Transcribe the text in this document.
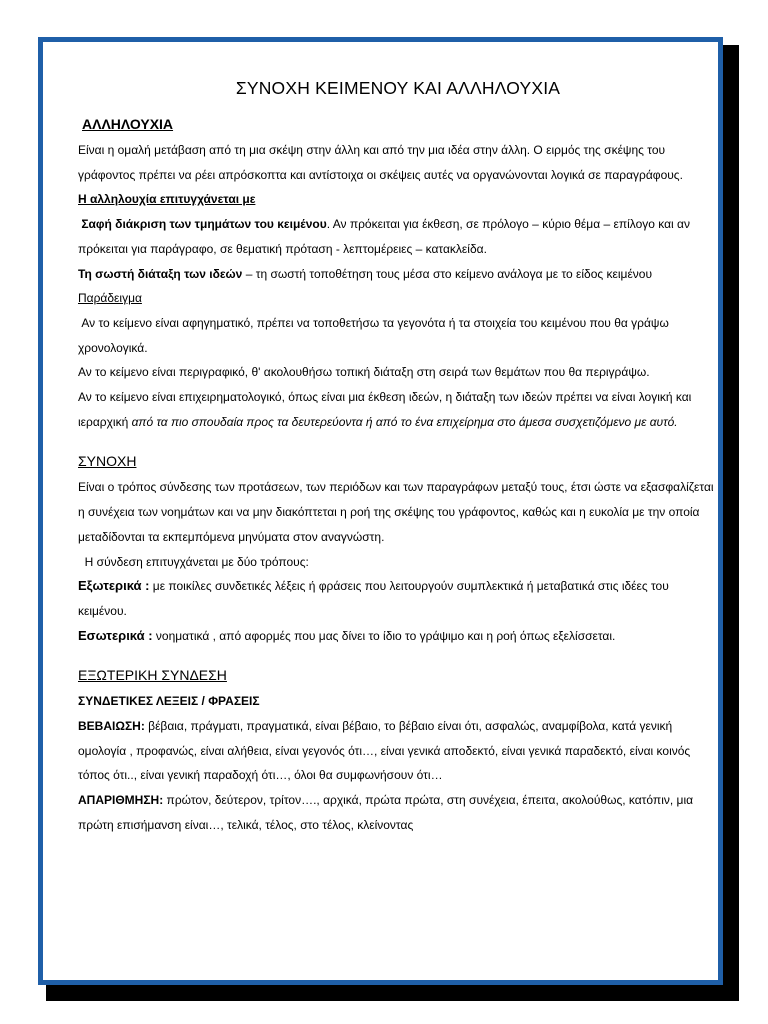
ΣΥΝΟΧΗ ΚΕΙΜΕΝΟΥ ΚΑΙ ΑΛΛΗΛΟΥΧΙΑ
ΑΛΛΗΛΟΥΧΙΑ

Είναι η ομαλή μετάβαση από τη μια σκέψη στην άλλη και από την μια ιδέα στην άλλη. Ο ειρμός της σκέψης του γράφοντος πρέπει να ρέει απρόσκοπτα και αντίστοιχα οι σκέψεις αυτές να οργανώνονται λογικά σε παραγράφους.

Η αλληλουχία επιτυγχάνεται με

Σαφή διάκριση των τμημάτων του κειμένου. Αν πρόκειται για έκθεση, σε πρόλογο – κύριο θέμα – επίλογο και αν πρόκειται για παράγραφο, σε θεματική πρόταση - λεπτομέρειες – κατακλείδα.

Τη σωστή διάταξη των ιδεών – τη σωστή τοποθέτηση τους μέσα στο κείμενο ανάλογα με το είδος κειμένου

Παράδειγμα

Αν το κείμενο είναι αφηγηματικό, πρέπει να τοποθετήσω τα γεγονότα ή τα στοιχεία του κειμένου που θα γράψω χρονολογικά.

Αν το κείμενο είναι περιγραφικό, θ' ακολουθήσω τοπική διάταξη στη σειρά των θεμάτων που θα περιγράψω.

Αν το κείμενο είναι επιχειρηματολογικό, όπως είναι μια έκθεση ιδεών, η διάταξη των ιδεών πρέπει να είναι λογική και ιεραρχική από τα πιο σπουδαία προς τα δευτερεύοντα ή από το ένα επιχείρημα στο άμεσα συσχετιζόμενο με αυτό.

ΣΥΝΟΧΗ

Είναι ο τρόπος σύνδεσης των προτάσεων, των περιόδων και των παραγράφων μεταξύ τους, έτσι ώστε να εξασφαλίζεται η συνέχεια των νοημάτων και να μην διακόπτεται η ροή της σκέψης του γράφοντος, καθώς και η ευκολία με την οποία μεταδίδονται τα εκπεμπόμενα μηνύματα στον αναγνώστη.

Η σύνδεση επιτυγχάνεται με δύο τρόπους:

Εξωτερικά : με ποικίλες συνδετικές λέξεις ή φράσεις που λειτουργούν συμπλεκτικά ή μεταβατικά στις ιδέες του κειμένου.

Εσωτερικά : νοηματικά , από αφορμές που μας δίνει το ίδιο το γράψιμο και η ροή όπως εξελίσσεται.

ΕΞΩΤΕΡΙΚΗ ΣΥΝΔΕΣΗ

ΣΥΝΔΕΤΙΚΕΣ ΛΕΞΕΙΣ / ΦΡΑΣΕΙΣ

ΒΕΒΑΙΩΣΗ: βέβαια, πράγματι, πραγματικά, είναι βέβαιο, το βέβαιο είναι ότι, ασφαλώς, αναμφίβολα, κατά γενική ομολογία , προφανώς, είναι αλήθεια, είναι γεγονός ότι…, είναι γενικά αποδεκτό, είναι γενικά παραδεκτό, είναι κοινός τόπος ότι.., είναι γενική παραδοχή ότι…, όλοι θα συμφωνήσουν ότι…

ΑΠΑΡΙΘΜΗΣΗ: πρώτον, δεύτερον, τρίτον…., αρχικά, πρώτα πρώτα, στη συνέχεια, έπειτα, ακολούθως, κατόπιν, μια πρώτη επισήμανση είναι…, τελικά, τέλος, στο τέλος, κλείνοντας
